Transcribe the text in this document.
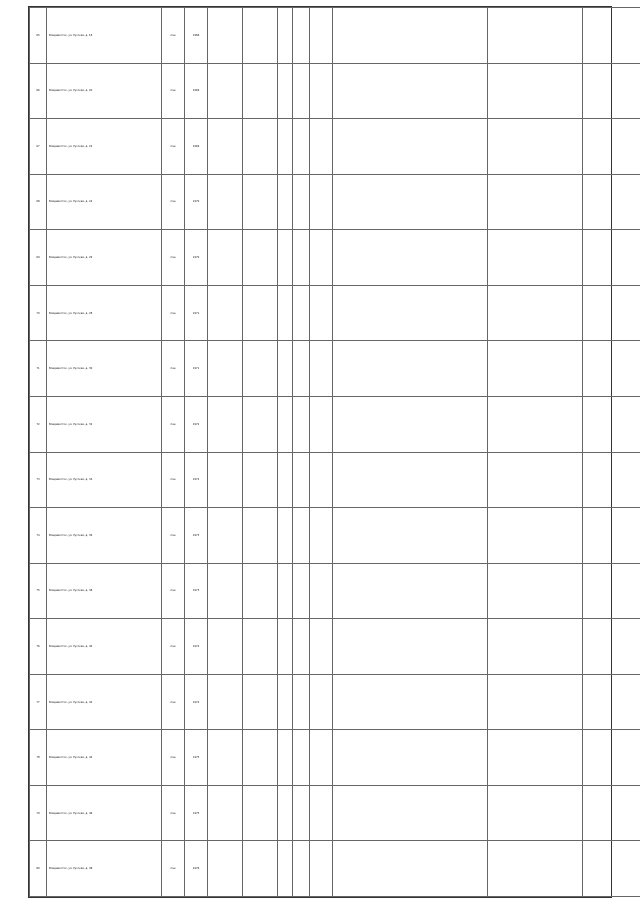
65	Владивосток, ул. Русская, д. 18	пан	1968								
66	Владивосток, ул. Русская, д. 20	пан	1969								
67	Владивосток, ул. Русская, д. 22	пан	1969								
68	Владивосток, ул. Русская, д. 24	пан	1970								
69	Владивосток, ул. Русская, д. 26	пан	1970								
70	Владивосток, ул. Русская, д. 28	пан	1971								
71	Владивосток, ул. Русская, д. 30	пан	1971								
72	Владивосток, ул. Русская, д. 32	пан	1972								
73	Владивосток, ул. Русская, д. 34	пан	1972								
74	Владивосток, ул. Русская, д. 36	пан	1973								
75	Владивосток, ул. Русская, д. 38	пан	1973								
76	Владивосток, ул. Русская, д. 40	пан	1974								
77	Владивосток, ул. Русская, д. 42	пан	1974								
78	Владивосток, ул. Русская, д. 44	пан	1975								
79	Владивосток, ул. Русская, д. 46	пан	1975								
80	Владивосток, ул. Русская, д. 48	пан	1976								
